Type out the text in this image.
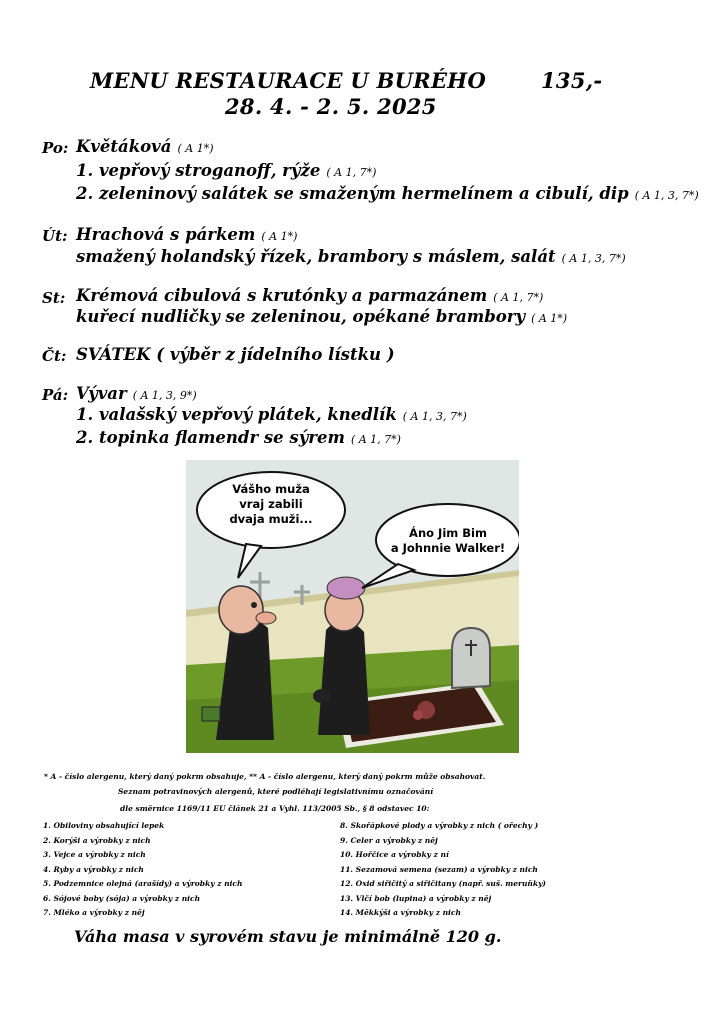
MENU RESTAURACE U BURÉHO	135,-
28. 4. - 2. 5. 2025
Po: Květáková ( A 1*)
1. vepřový stroganoff, rýže ( A 1, 7*)
2. zeleninový salátek se smaženým hermelínem a cibulí, dip ( A 1, 3, 7*)
Út: Hrachová s párkem ( A 1*)
smažený holandský řízek, brambory s máslem, salát ( A 1, 3, 7*)
St: Krémová cibulová s krutónky a parmazánem ( A 1, 7*)
kuřecí nudličky se zeleninou, opékané brambory ( A 1*)
Čt: SVÁTEK ( výběr z jídelního lístku )
Pá: Vývar ( A 1, 3, 9*)
1. valašský vepřový plátek, knedlík ( A 1, 3, 7*)
2. topinka flamendr se sýrem ( A 1, 7*)
Vášho muža
vraj zabili
dvaja muži...
Áno Jim Bim
a Johnnie Walker!
* A - číslo alergenu, který daný pokrm obsahuje, ** A - číslo alergenu, který daný pokrm může obsahovat.
Seznam potravinových alergenů, které podléhají legislativnímu označování
dle směrnice 1169/11 EU článek 21 a Vyhl. 113/2005 Sb., § 8 odstavec 10:
1. Obiloviny obsahující lepek
2. Korýši a výrobky z nich
3. Vejce a výrobky z nich
4. Ryby a výrobky z nich
5. Podzemnice olejná (arašídy) a výrobky z nich
6. Sójové boby (sója) a výrobky z nich
7. Mléko a výrobky z něj
8. Skořápkové plody a výrobky z nich ( ořechy )
9. Celer a výrobky z něj
10. Hořčice a výrobky z ní
11. Sezamová semena (sezam) a výrobky z nich
12. Oxid siřičitý a siřičitany (např. suš. meruňky)
13. Vlčí bob (lupina) a výrobky z něj
14. Měkkýši a výrobky z nich
Váha masa v syrovém stavu je minimálně 120 g.
